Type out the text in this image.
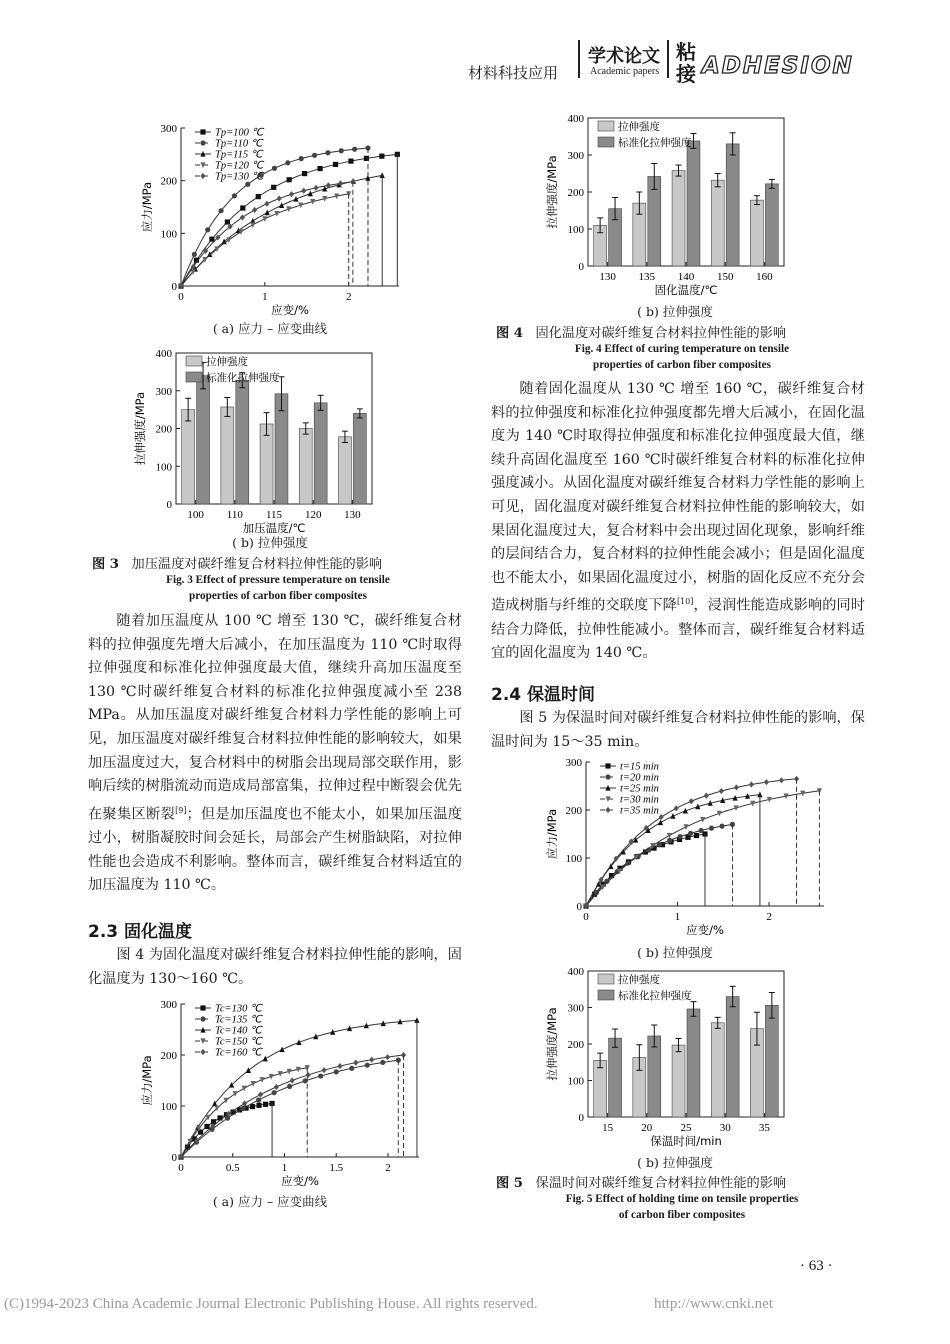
材料科技应用
学术论文
Academic papers
粘
接 ADHESION
0
100
200
300
0	1	2
应变/%
应力/MPa
Tp=100 ℃
Tp=110 ℃
Tp=115 ℃
Tp=120 ℃
Tp=130 ℃
( a) 应力 – 应变曲线
0
100
200
300
400
100 110 115 120 130
加压温度/℃
拉伸强度/MPa
拉伸强度
标准化拉伸强度
( b) 拉伸强度
图 3 加压温度对碳纤维复合材料拉伸性能的影响
Fig. 3 Effect of pressure temperature on tensile
properties of carbon fiber composites
随着加压温度从 100 ℃ 增至 130 ℃，碳纤维复合材料的拉伸强度先增大后减小，在加压温度为 110 ℃时取得拉伸强度和标准化拉伸强度最大值，继续升高加压温度至 130 ℃时碳纤维复合材料的标准化拉伸强度减小至 238 MPa。从加压温度对碳纤维复合材料力学性能的影响上可见，加压温度对碳纤维复合材料拉伸性能的影响较大，如果加压温度过大，复合材料中的树脂会出现局部交联作用，影响后续的树脂流动而造成局部富集，拉伸过程中断裂会优先在聚集区断裂[9]；但是加压温度也不能太小，如果加压温度过小，树脂凝胶时间会延长，局部会产生树脂缺陷，对拉伸性能也会造成不利影响。整体而言，碳纤维复合材料适宜的加压温度为 110 ℃。
2.3 固化温度
图 4 为固化温度对碳纤维复合材料拉伸性能的影响，固化温度为 130～160 ℃。
0
100
200
300
0	0.5	1	1.5	2
应变/%
应力/MPa
Tc=130 ℃
Tc=135 ℃
Tc=140 ℃
Tc=150 ℃
Tc=160 ℃
( a) 应力 – 应变曲线
0
100
200
300
400
130 135 140 150 160
固化温度/℃
拉伸强度/MPa
拉伸强度
标准化拉伸强度
( b) 拉伸强度
图 4 固化温度对碳纤维复合材料拉伸性能的影响
Fig. 4 Effect of curing temperature on tensile
properties of carbon fiber composites
随着固化温度从 130 ℃ 增至 160 ℃，碳纤维复合材料的拉伸强度和标准化拉伸强度都先增大后减小，在固化温度为 140 ℃时取得拉伸强度和标准化拉伸强度最大值，继续升高固化温度至 160 ℃时碳纤维复合材料的标准化拉伸强度减小。从固化温度对碳纤维复合材料力学性能的影响上可见，固化温度对碳纤维复合材料拉伸性能的影响较大，如果固化温度过大，复合材料中会出现过固化现象，影响纤维的层间结合力，复合材料的拉伸性能会减小；但是固化温度也不能太小，如果固化温度过小，树脂的固化反应不充分会造成树脂与纤维的交联度下降[10]，浸润性能造成影响的同时结合力降低，拉伸性能减小。整体而言，碳纤维复合材料适宜的固化温度为 140 ℃。
2.4 保温时间
图 5 为保温时间对碳纤维复合材料拉伸性能的影响，保温时间为 15～35 min。
0
100
200
300
0	1	2
应变/%
应力/MPa
t=15 min
t=20 min
t=25 min
t=30 min
t=35 min
( b) 拉伸强度
0
100
200
300
400
15	20	25	30	35
保温时间/min
拉伸强度/MPa
拉伸强度
标准化拉伸强度
( b) 拉伸强度
图 5 保温时间对碳纤维复合材料拉伸性能的影响
Fig. 5 Effect of holding time on tensile properties
of carbon fiber composites
· 63 ·
(C)1994-2023 China Academic Journal Electronic Publishing House. All rights reserved.	http://www.cnki.net
